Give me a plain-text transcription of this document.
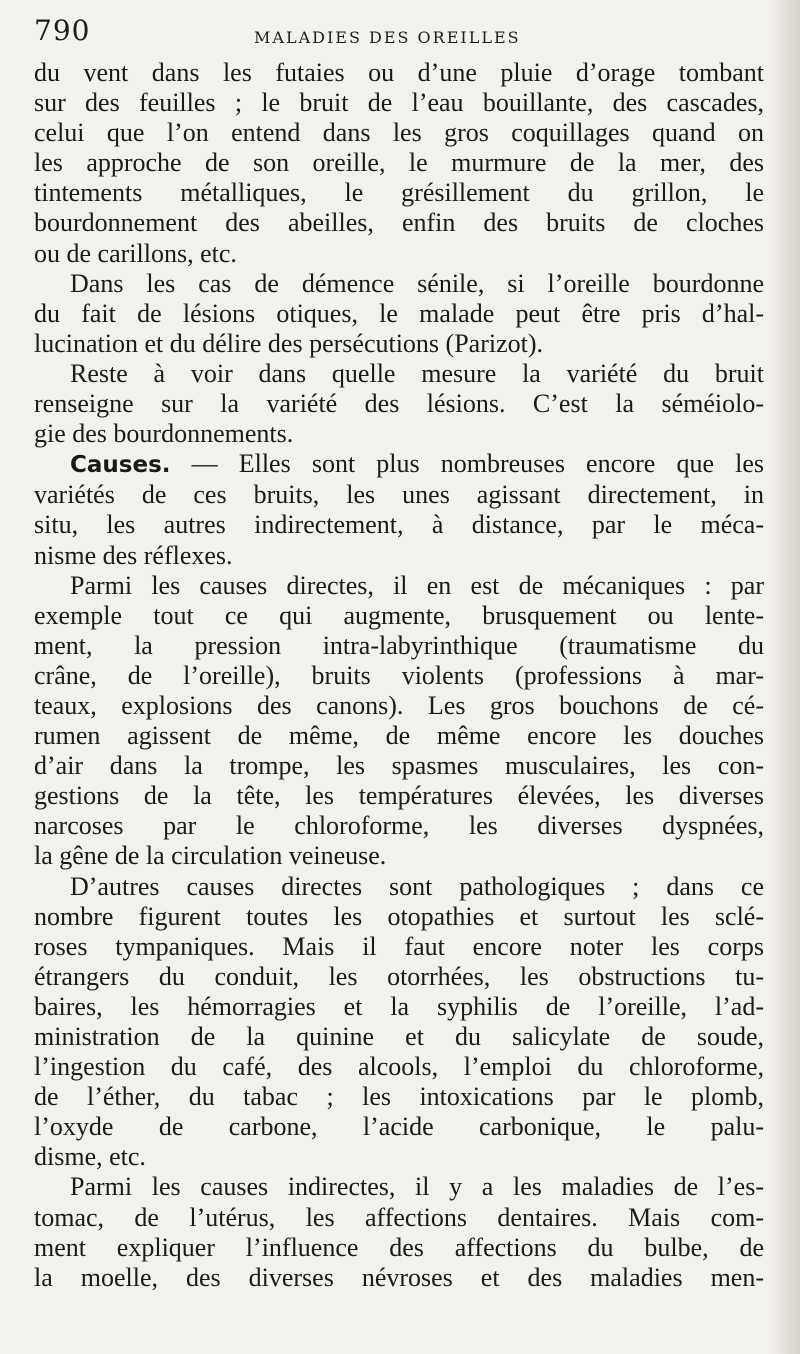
790	MALADIES DES OREILLES
du vent dans les futaies ou d’une pluie d’orage tombant
sur des feuilles ; le bruit de l’eau bouillante, des cascades,
celui que l’on entend dans les gros coquillages quand on
les approche de son oreille, le murmure de la mer, des
tintements métalliques, le grésillement du grillon, le
bourdonnement des abeilles, enfin des bruits de cloches
ou de carillons, etc.
Dans les cas de démence sénile, si l’oreille bourdonne
du fait de lésions otiques, le malade peut être pris d’hal-
lucination et du délire des persécutions (Parizot).
Reste à voir dans quelle mesure la variété du bruit
renseigne sur la variété des lésions. C’est la séméiolo-
gie des bourdonnements.
Causes. — Elles sont plus nombreuses encore que les
variétés de ces bruits, les unes agissant directement, in
situ, les autres indirectement, à distance, par le méca-
nisme des réflexes.
Parmi les causes directes, il en est de mécaniques : par
exemple tout ce qui augmente, brusquement ou lente-
ment, la pression intra-labyrinthique (traumatisme du
crâne, de l’oreille), bruits violents (professions à mar-
teaux, explosions des canons). Les gros bouchons de cé-
rumen agissent de même, de même encore les douches
d’air dans la trompe, les spasmes musculaires, les con-
gestions de la tête, les températures élevées, les diverses
narcoses par le chloroforme, les diverses dyspnées,
la gêne de la circulation veineuse.
D’autres causes directes sont pathologiques ; dans ce
nombre figurent toutes les otopathies et surtout les sclé-
roses tympaniques. Mais il faut encore noter les corps
étrangers du conduit, les otorrhées, les obstructions tu-
baires, les hémorragies et la syphilis de l’oreille, l’ad-
ministration de la quinine et du salicylate de soude,
l’ingestion du café, des alcools, l’emploi du chloroforme,
de l’éther, du tabac ; les intoxications par le plomb,
l’oxyde de carbone, l’acide carbonique, le palu-
disme, etc.
Parmi les causes indirectes, il y a les maladies de l’es-
tomac, de l’utérus, les affections dentaires. Mais com-
ment expliquer l’influence des affections du bulbe, de
la moelle, des diverses névroses et des maladies men-
